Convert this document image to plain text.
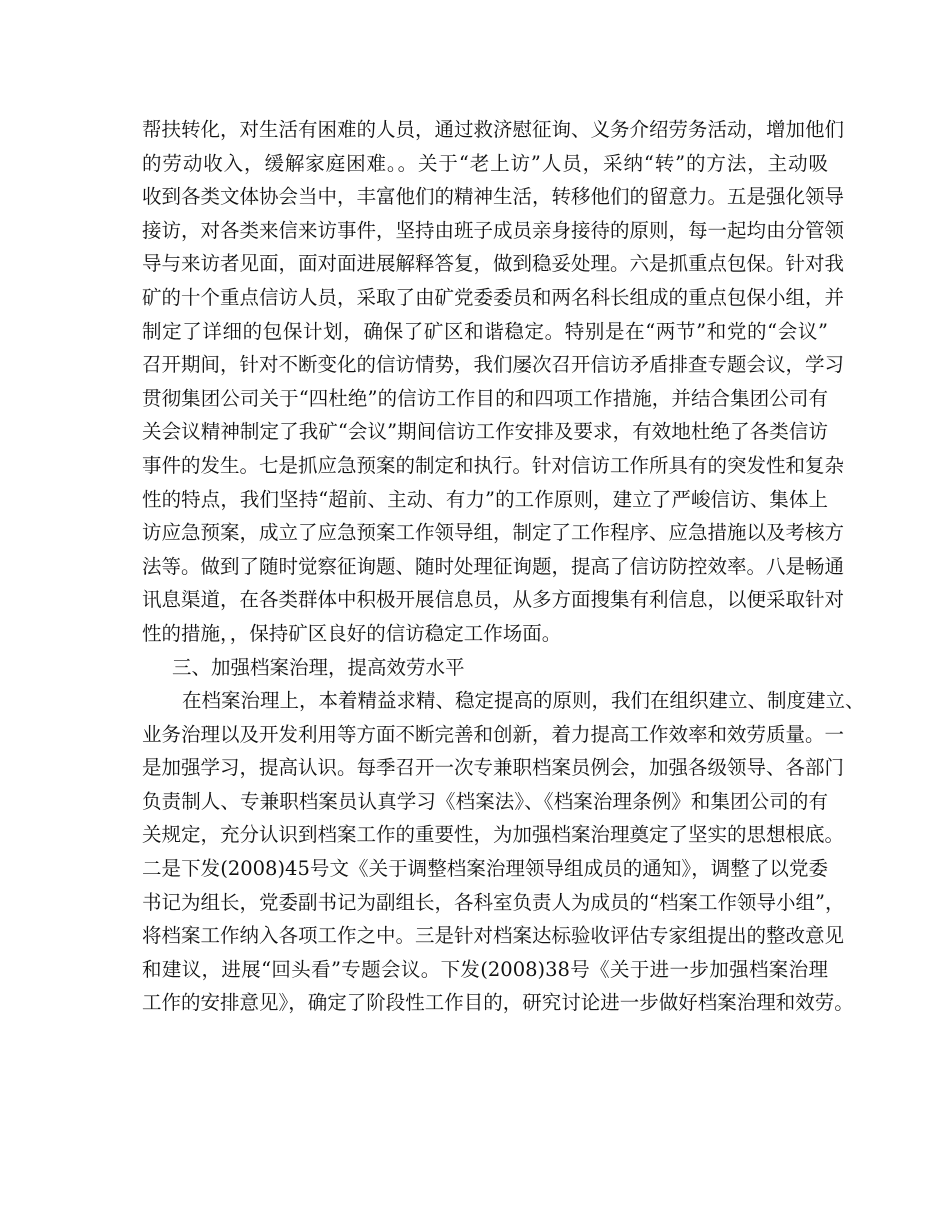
帮扶转化，对生活有困难的人员，通过救济慰征询、义务介绍劳务活动，增加他们
的劳动收入，缓解家庭困难。。关于“老上访”人员，采纳“转”的方法，主动吸
收到各类文体协会当中，丰富他们的精神生活，转移他们的留意力。五是强化领导
接访，对各类来信来访事件，坚持由班子成员亲身接待的原则，每一起均由分管领
导与来访者见面，面对面进展解释答复，做到稳妥处理。六是抓重点包保。针对我
矿的十个重点信访人员，采取了由矿党委委员和两名科长组成的重点包保小组，并
制定了详细的包保计划，确保了矿区和谐稳定。特别是在“两节”和党的“会议”
召开期间，针对不断变化的信访情势，我们屡次召开信访矛盾排查专题会议，学习
贯彻集团公司关于“四杜绝”的信访工作目的和四项工作措施，并结合集团公司有
关会议精神制定了我矿“会议”期间信访工作安排及要求，有效地杜绝了各类信访
事件的发生。七是抓应急预案的制定和执行。针对信访工作所具有的突发性和复杂
性的特点，我们坚持“超前、主动、有力”的工作原则，建立了严峻信访、集体上
访应急预案，成立了应急预案工作领导组，制定了工作程序、应急措施以及考核方
法等。做到了随时觉察征询题、随时处理征询题，提高了信访防控效率。八是畅通
讯息渠道，在各类群体中积极开展信息员，从多方面搜集有利信息，以便采取针对
性的措施，，保持矿区良好的信访稳定工作场面。
三、加强档案治理，提高效劳水平
在档案治理上，本着精益求精、稳定提高的原则，我们在组织建立、制度建立、
业务治理以及开发利用等方面不断完善和创新，着力提高工作效率和效劳质量。一
是加强学习，提高认识。每季召开一次专兼职档案员例会，加强各级领导、各部门
负责制人、专兼职档案员认真学习《档案法》、《档案治理条例》和集团公司的有
关规定，充分认识到档案工作的重要性，为加强档案治理奠定了坚实的思想根底。
二是下发(2008)45号文《关于调整档案治理领导组成员的通知》，调整了以党委
书记为组长，党委副书记为副组长，各科室负责人为成员的“档案工作领导小组”，
将档案工作纳入各项工作之中。三是针对档案达标验收评估专家组提出的整改意见
和建议，进展“回头看”专题会议。下发(2008)38号《关于进一步加强档案治理
工作的安排意见》，确定了阶段性工作目的，研究讨论进一步做好档案治理和效劳。
